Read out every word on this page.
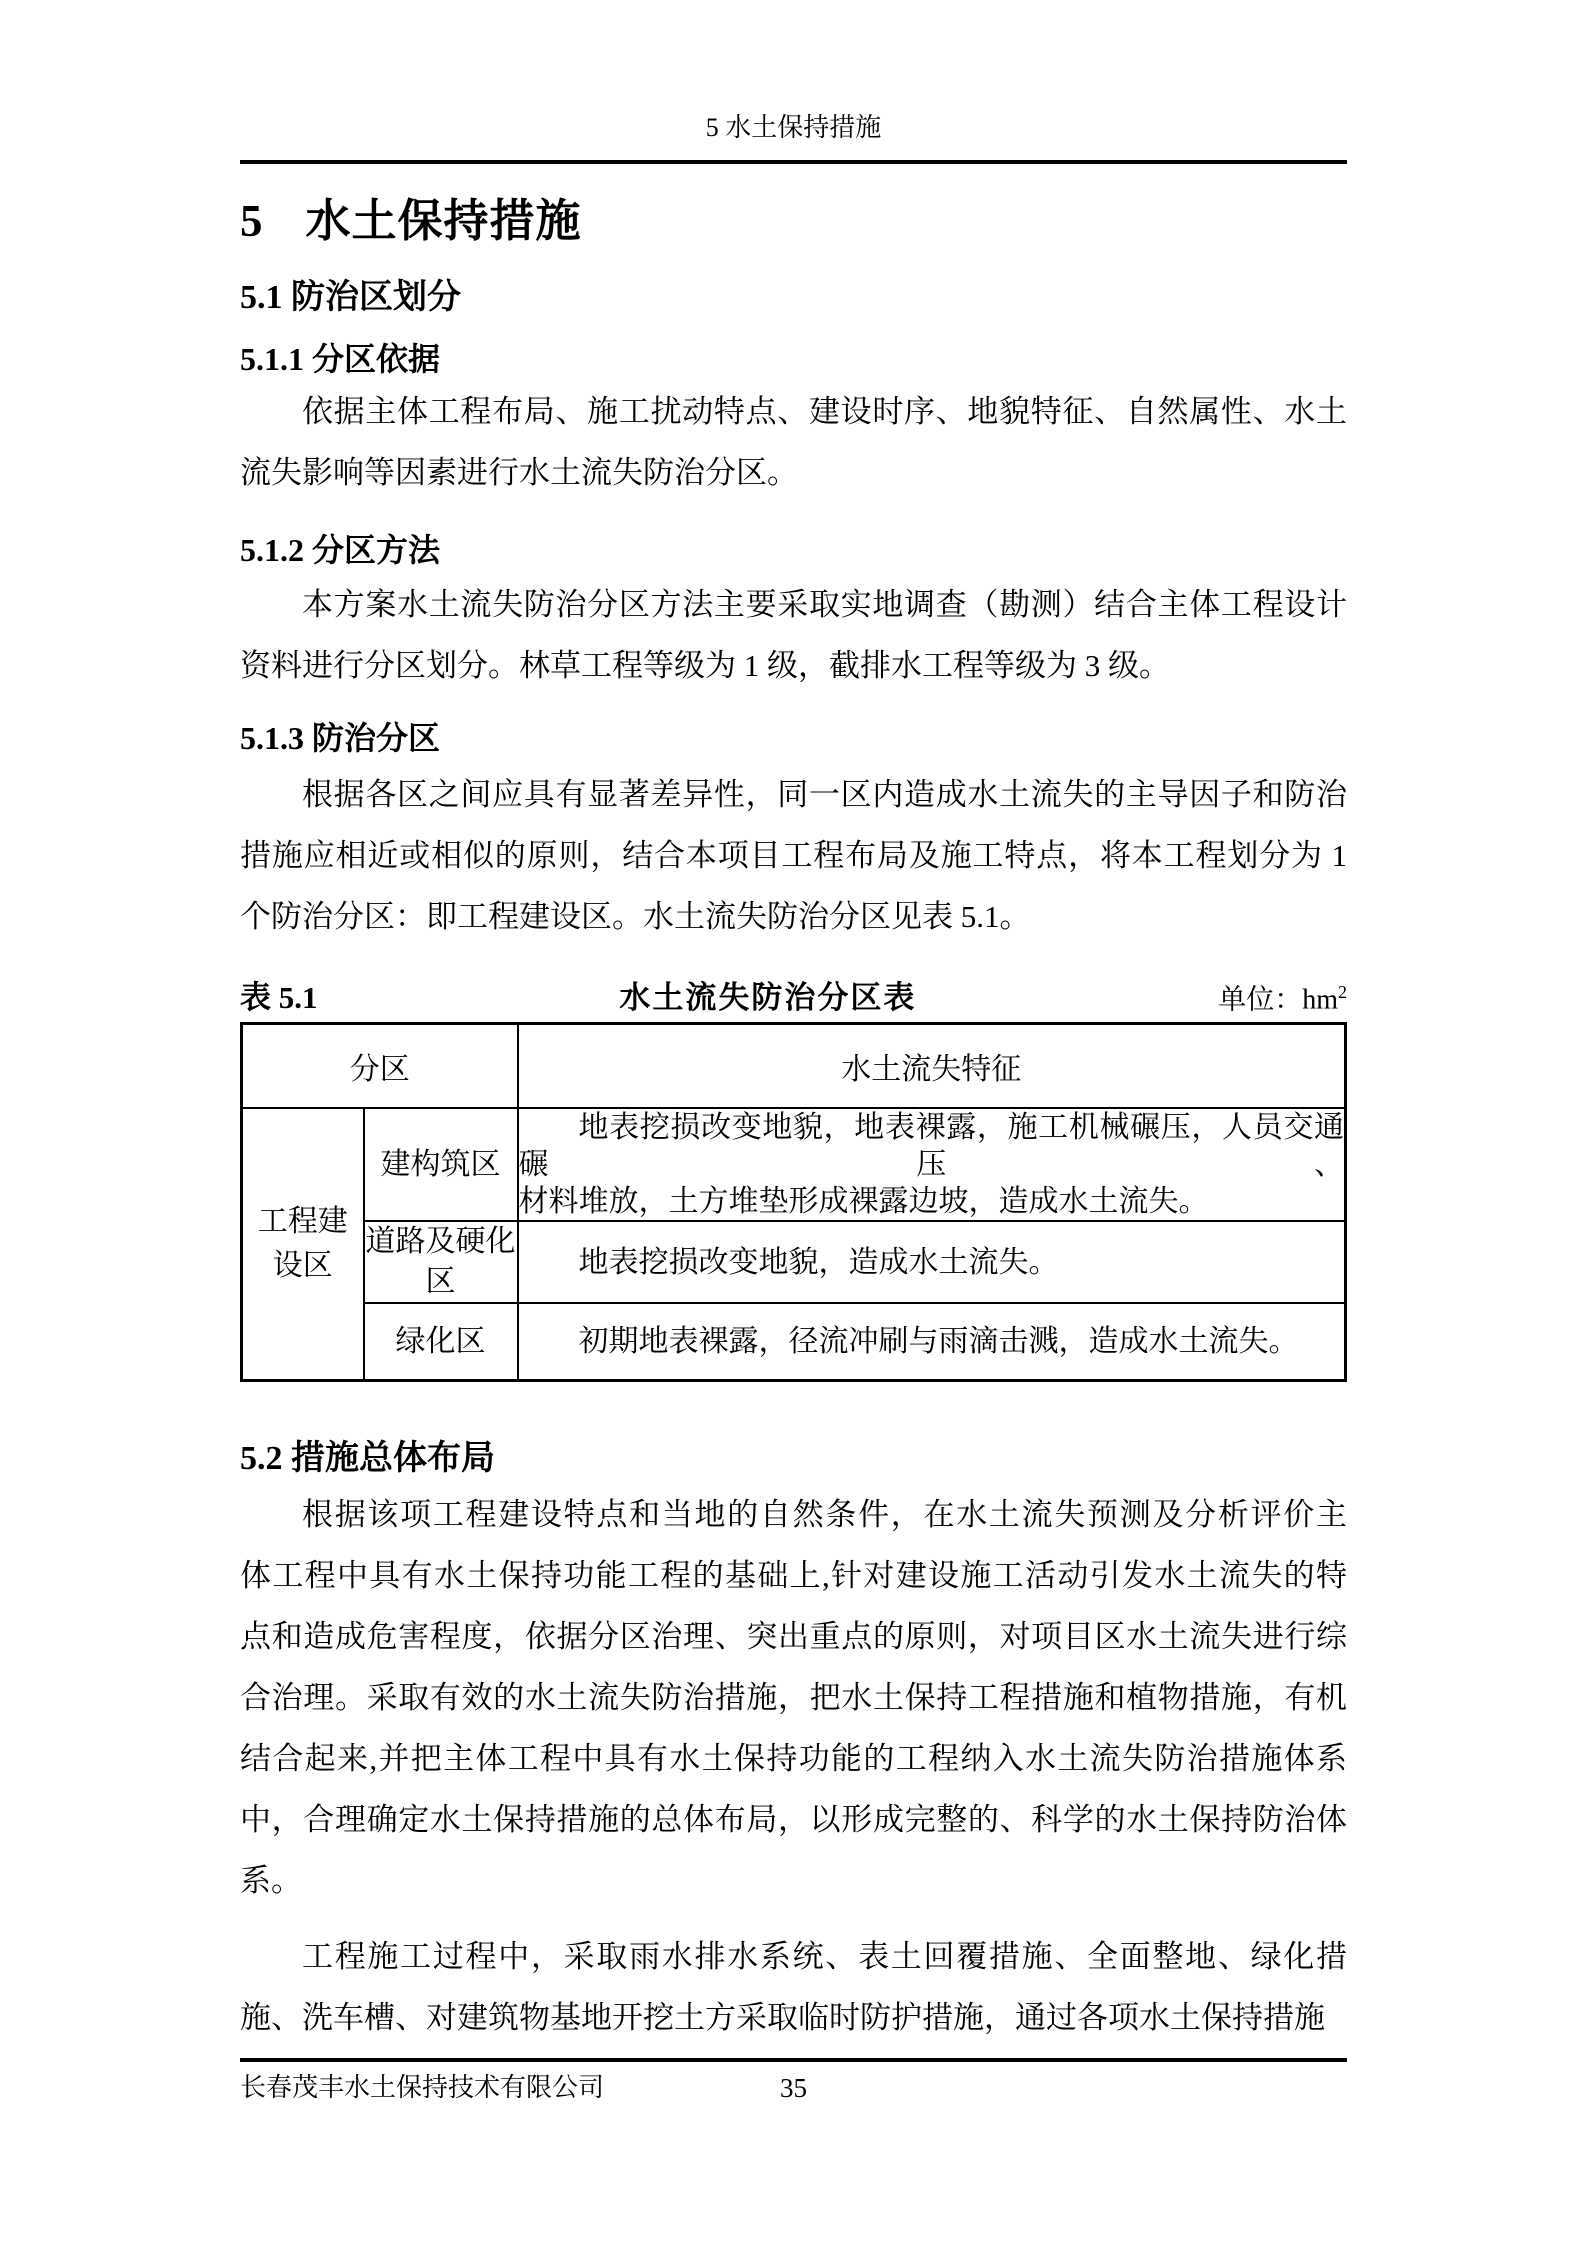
5 水土保持措施
5 水土保持措施
5.1 防治区划分
5.1.1 分区依据
依据主体工程布局、施工扰动特点、建设时序、地貌特征、自然属性、水土
流失影响等因素进行水土流失防治分区。
5.1.2 分区方法
本方案水土流失防治分区方法主要采取实地调查（勘测）结合主体工程设计
资料进行分区划分。林草工程等级为 1 级，截排水工程等级为 3 级。
5.1.3 防治分区
根据各区之间应具有显著差异性，同一区内造成水土流失的主导因子和防治
措施应相近或相似的原则，结合本项目工程布局及施工特点，将本工程划分为 1
个防治分区：即工程建设区。水土流失防治分区见表 5.1。
表 5.1	水土流失防治分区表	单位：$hm^2$
分区		水土流失特征
工程建设区	建构筑区	地表挖损改变地貌，地表裸露，施工机械碾压，人员交通碾压、
材料堆放，土方堆垫形成裸露边坡，造成水土流失。

	道路及硬化区	地表挖损改变地貌，造成水土流失。

	绿化区	初期地表裸露，径流冲刷与雨滴击溅，造成水土流失。
5.2 措施总体布局
根据该项工程建设特点和当地的自然条件，在水土流失预测及分析评价主
体工程中具有水土保持功能工程的基础上,针对建设施工活动引发水土流失的特
点和造成危害程度，依据分区治理、突出重点的原则，对项目区水土流失进行综
合治理。采取有效的水土流失防治措施，把水土保持工程措施和植物措施，有机
结合起来,并把主体工程中具有水土保持功能的工程纳入水土流失防治措施体系
中，合理确定水土保持措施的总体布局，以形成完整的、科学的水土保持防治体
系。
工程施工过程中，采取雨水排水系统、表土回覆措施、全面整地、绿化措
施、洗车槽、对建筑物基地开挖土方采取临时防护措施，通过各项水土保持措施
长春茂丰水土保持技术有限公司	35
